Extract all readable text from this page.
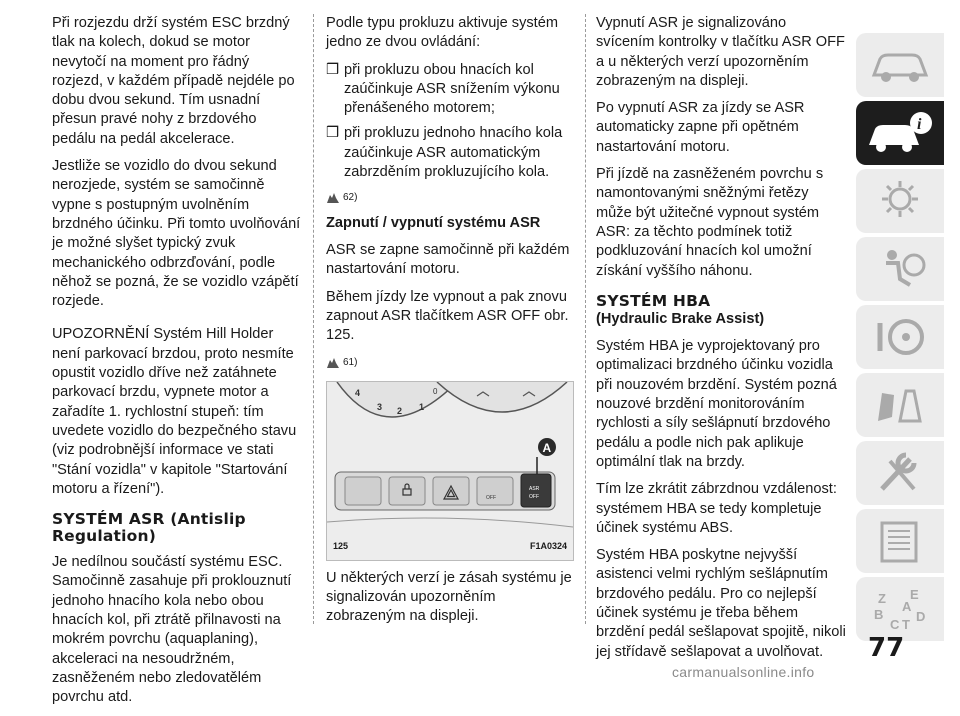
Při rozjezdu drží systém ESC brzdný tlak na kolech, dokud se motor nevytočí na moment pro řádný rozjezd, v každém případě nejdéle po dobu dvou sekund. Tím usnadní přesun pravé nohy z brzdového pedálu na pedál akcelerace.

Jestliže se vozidlo do dvou sekund nerozjede, systém se samočinně vypne s postupným uvolněním brzdného účinku. Při tomto uvolňování je možné slyšet typický zvuk mechanického odbrzďování, podle něhož se pozná, že se vozidlo vzápětí rozjede.

UPOZORNĚNÍ Systém Hill Holder není parkovací brzdou, proto nesmíte opustit vozidlo dříve než zatáhnete parkovací brzdu, vypnete motor a zařadíte 1. rychlostní stupeň: tím uvedete vozidlo do bezpečného stavu (viz podrobnější informace ve stati "Stání vozidla" v kapitole "Startování motoru a řízení").

SYSTÉM ASR (Antislip Regulation)

Je nedílnou součástí systému ESC. Samočinně zasahuje při proklouznutí jednoho hnacího kola nebo obou hnacích kol, při ztrátě přilnavosti na mokrém povrchu (aquaplaning), akceleraci na nesoudržném, zasněženém nebo zledovatělém povrchu atd.

Podle typu prokluzu aktivuje systém jedno ze dvou ovládání:

❒ při prokluzu obou hnacích kol zaúčinkuje ASR snížením výkonu přenášeného motorem;
❒ při prokluzu jednoho hnacího kola zaúčinkuje ASR automatickým zabrzděním prokluzujícího kola.
62)
Zapnutí / vypnutí systému ASR

ASR se zapne samočinně při každém nastartování motoru.

Během jízdy lze vypnout a pak znovu zapnout ASR tlačítkem ASR OFF obr. 125.

61)
4
3 2 1
0
OFF
ASR
OFF
A
125	F1A0324

U některých verzí je zásah systému je signalizován upozorněním zobrazeným na displeji.

Vypnutí ASR je signalizováno svícením kontrolky v tlačítku ASR OFF a u některých verzí upozorněním zobrazeným na displeji.

Po vypnutí ASR za jízdy se ASR automaticky zapne při opětném nastartování motoru.

Při jízdě na zasněženém povrchu s namontovanými sněžnými řetězy může být užitečné vypnout systém ASR: za těchto podmínek totiž podkluzování hnacích kol umožní získání vyššího náhonu.

SYSTÉM HBA
(Hydraulic Brake Assist)

Systém HBA je vyprojektovaný pro optimalizaci brzdného účinku vozidla při nouzovém brzdění. Systém pozná nouzové brzdění monitorováním rychlosti a síly sešlápnutí brzdového pedálu a podle nich pak aplikuje optimální tlak na brzdy.

Tím lze zkrátit zábrzdnou vzdálenost: systémem HBA se tedy kompletuje účinek systému ABS.

Systém HBA poskytne nejvyšší asistenci velmi rychlým sešlápnutím brzdového pedálu. Pro co nejlepší účinek systému je třeba během brzdění pedál sešlapovat spojitě, nikoli jej střídavě sešlapovat a uvolňovat.

i
Z E
B
C
D
A
T
77
carmanualsonline.info
